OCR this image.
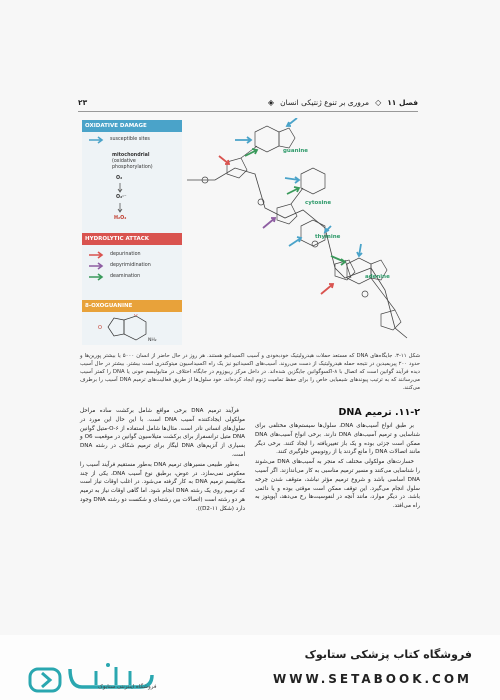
فصل ۱۱
◇
مروری بر تنوع ژنتیکی انسان
◈
۲۳
OXIDATIVE DAMAGE
susceptible sites
mitochondrial
(oxidative
phosphorylation)
O₂
O₂·⁻
H₂O₂
HYDROLYTIC ATTACK
depurination
depyrimidination
deamination
8-OXOGUANINE
O
NH₂
O
guanine
cytosine
thymine
adenine
شکل ۱۱-۳. جایگاه‌های DNA که مستعد حملات هیدرولیتیک خودبخودی و آسیب اکسیداتیو هستند. هر روز در حال حاضر از انسان ۵۰۰۰ یا بیشتر پورین‌ها و حدود ۲۰۰ پیریمیدین در نتیجه حمله هیدرولیتیک از دست می‌روند. آسیب‌های اکسیداتیو نیز یک راه اکسیداسیون میتوکندری است بیشتر. بیشتر در حال آسیب دیده فرآیند گوانین است که اتصال با ۸-اکسوگوانین جایگزین شده‌اند. در داخل مرکز ریبوزوم در جایگاه اختلاف در متابولیسم خونی یا DNA را کمتر آسیب می‌رسانند که به ترتیب پیوندهای شیمیایی خاص را برای حفظ تمامیت ژنوم ایجاد کرده‌اند. خود سلول‌ها از طریق فعالیت‌های ترمیم DNA آسیب را برطرف می‌کنند.
۱۱-۲. ترمیم DNA

بر طبق انواع آسیب‌های DNA، سلول‌ها سیستم‌های مختلفی برای شناسایی و ترمیم آسیب‌های DNA دارند. برخی انواع آسیب‌های DNA ممکن است جزئی بوده و یک باز تغییریافته را ایجاد کنند. برخی دیگر مانند اتصالات DNA را مانع گردند یا از روتوبیس جلوگیری کنند.

خسارت‌های مولکولی مختلف که منجر به آسیب‌های DNA می‌شوند را شناسایی می‌کنند و مسیر ترمیم مناسبی به کار می‌اندازند. اگر آسیب DNA اساسی باشد و شروع ترمیم مؤثر نباشد، متوقف شدن چرخه سلول انجام می‌گیرد. این توقف ممکن است موقتی بوده و یا دائمی باشد. در دیگر موارد، مانند آنچه در لنفوسیت‌ها رخ می‌دهد، آپوپتوز به راه می‌افتد.

فرآیند ترمیم DNA برخی مواقع شامل برکشت ساده مراحل مولکولی ایجادکننده آسیب DNA است. با این حال این مورد در سلول‌های انسانی نادر است. مثال‌ها شامل استفاده از ۶-O-متیل گوانین DNA متیل ترانسفراز برای برکشت متیلاسیون گوانین در موقعیت O6 و بسیاری از آنزیم‌های DNA لیگاز برای ترمیم شکاف در رشته DNA است.

به‌طور طبیعی مسیرهای ترمیم DNA به‌طور مستقیم فرآیند آسیب را معکوس نمی‌سازد. در عوض، برطبق نوع آسیب DNA، یکی از چند مکانیسم ترمیم DNA به کار گرفته می‌شود. در اغلب اوقات نیاز است که ترمیم روی یک رشته DNA انجام شود. اما گاهی اوقات نیاز به ترمیم هر دو رشته است (اتصالات بین رشته‌ای و شکست دو رشته DNA وجود دارد (شکل ۱۱-D2)).

فروشگاه اینترنتی ستابوک
فروشگاه کتاب پزشکی ستابوک
WWW.SETABOOK.COM
